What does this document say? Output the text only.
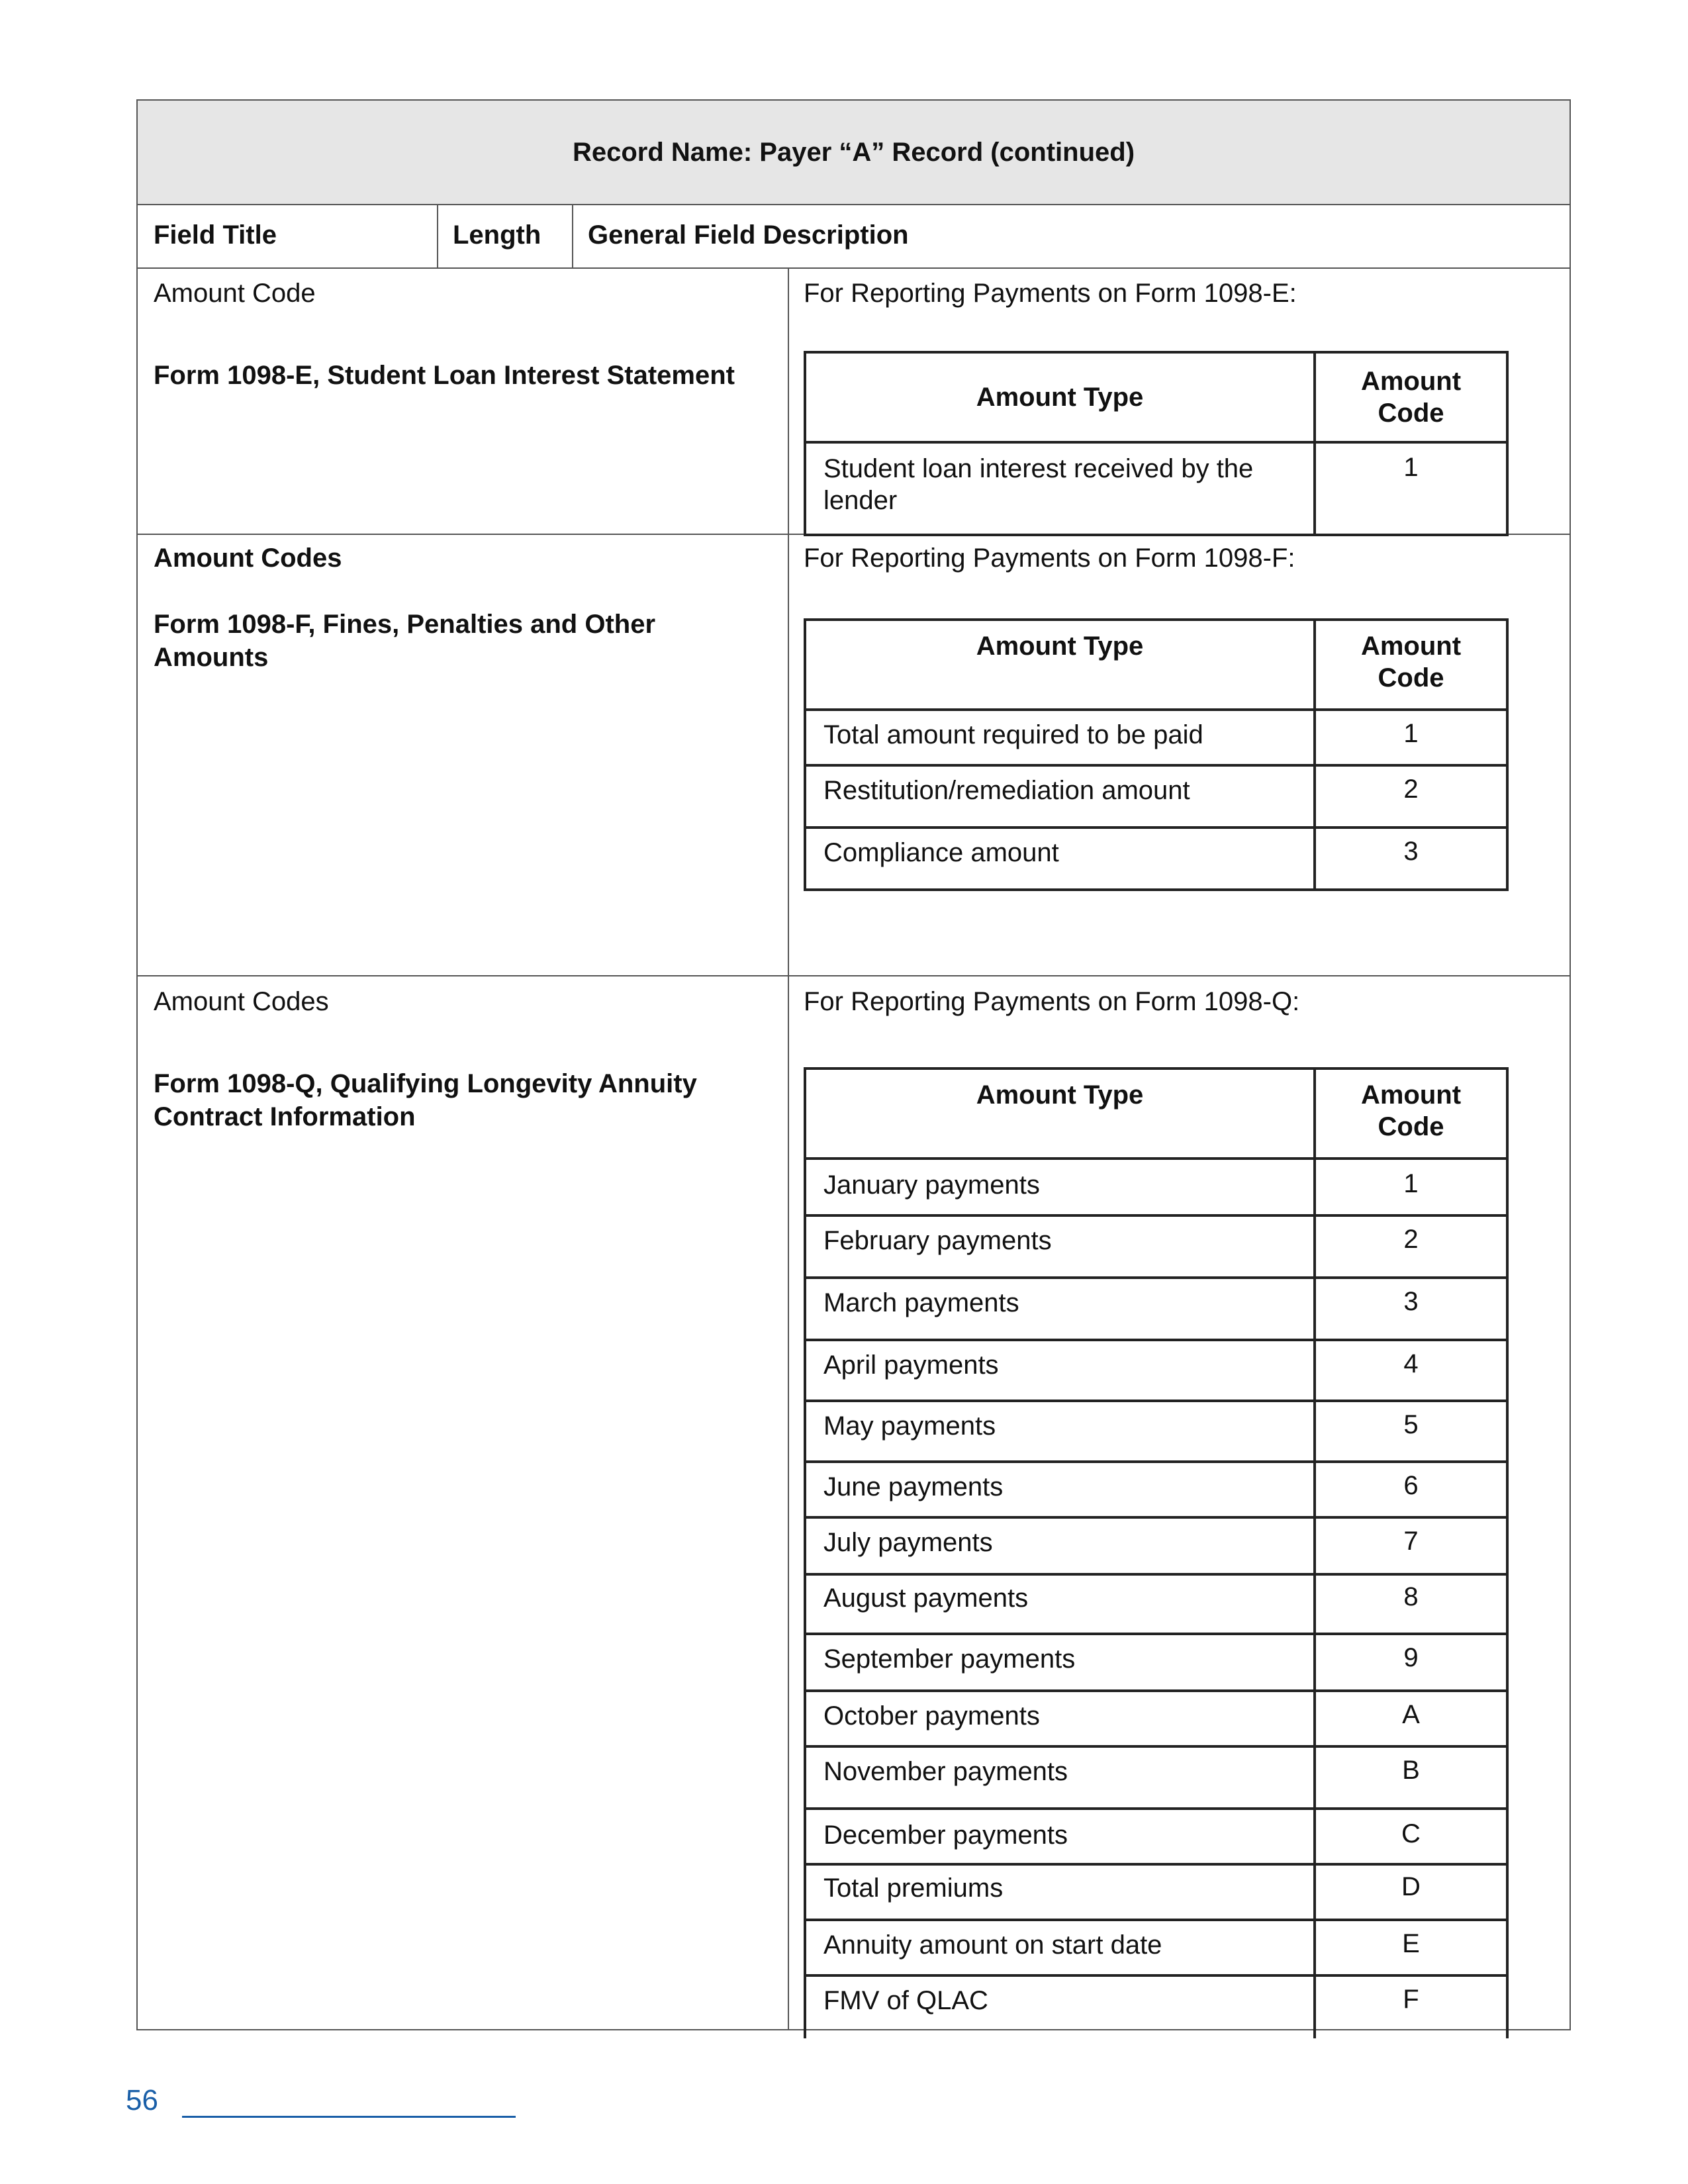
Record Name: Payer “A” Record (continued)
Field Title	Length General Field Description
Amount Code
Form 1098-E, Student Loan Interest Statement
For Reporting Payments on Form 1098-E:
Amount Type	Amount
Code
Student loan interest received by the
lender	1
Amount Codes
Form 1098-F, Fines, Penalties and Other
Amounts
For Reporting Payments on Form 1098-F:
Amount Type	Amount
Code
Total amount required to be paid	1
Restitution/remediation amount	2
Compliance amount	3
Amount Codes
Form 1098-Q, Qualifying Longevity Annuity
Contract Information
For Reporting Payments on Form 1098-Q:
Amount Type	Amount
Code
January payments	1
February payments	2
March payments	3
April payments	4
May payments	5
June payments	6
July payments	7
August payments	8
September payments	9
October payments	A
November payments	B
December payments	C
Total premiums	D
Annuity amount on start date	E
FMV of QLAC	F
56
